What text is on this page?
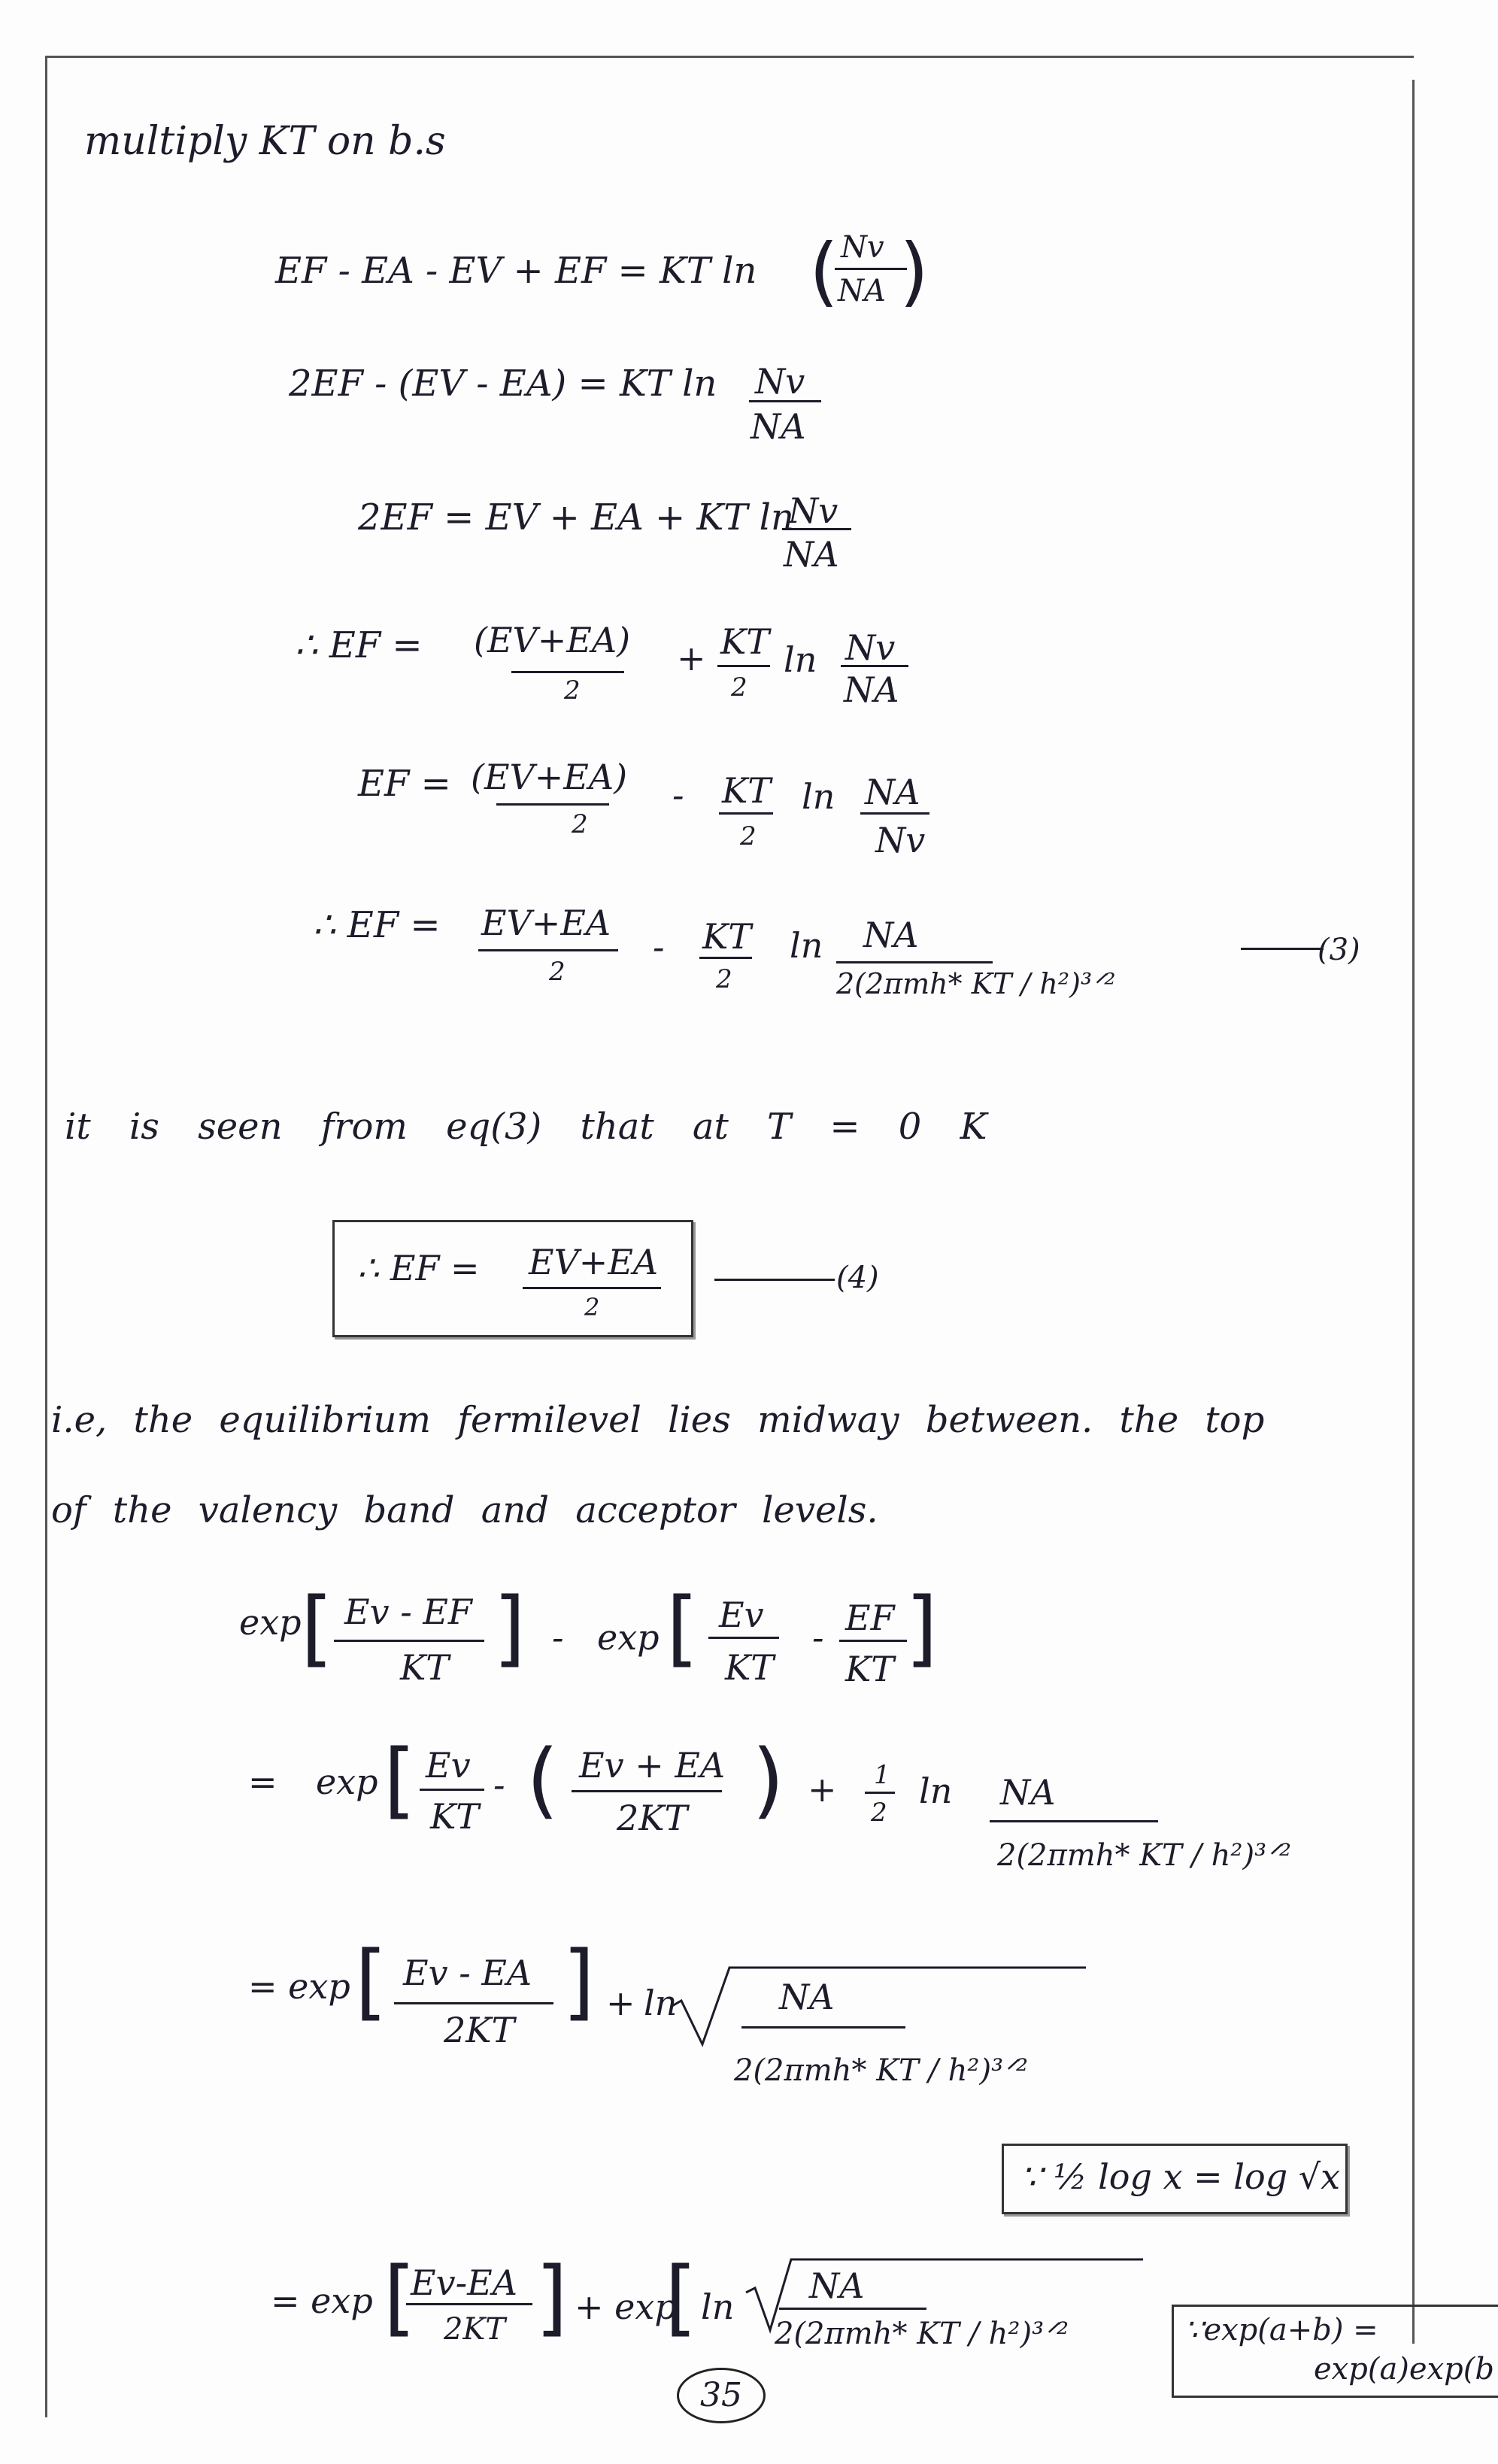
multiply KT on b.s
EF - EA - EV + EF = KT ln ( Nv
NA )
2EF - (EV - EA) = KT ln Nv
NA
2EF = EV + EA + KT ln
Nv
NA
∴ EF = (EV+EA)
2
+ KT
2
ln Nv
NA
EF = (EV+EA)
2
- KT
2
ln NA
Nv
∴ EF = EV+EA
2
- KT
2
ln NA
2(2πmh* KT / h²)³ᐟ²
(3)
it is seen from eq(3) that at T = 0 K
∴ EF = EV+EA
2
(4)
i.e, the equilibrium fermilevel lies midway between. the top
of the valency band and acceptor levels.
exp [ Ev - EF
KT ] - exp [ Ev
KT
- EF
KT ]
= exp [ Ev
KT
- ( Ev + EA
2KT ) + 1
2
ln NA
2(2πmh* KT / h²)³ᐟ²
= exp [ Ev - EA
2KT
] + ln	NA
2(2πmh* KT / h²)³ᐟ²
∵ ½ log x = log √x
= exp [
Ev-EA
2KT ] + exp
[ ln
NA
2(2πmh* KT / h²)³ᐟ²	∵exp(a+b) =
exp(a)exp(b
35
